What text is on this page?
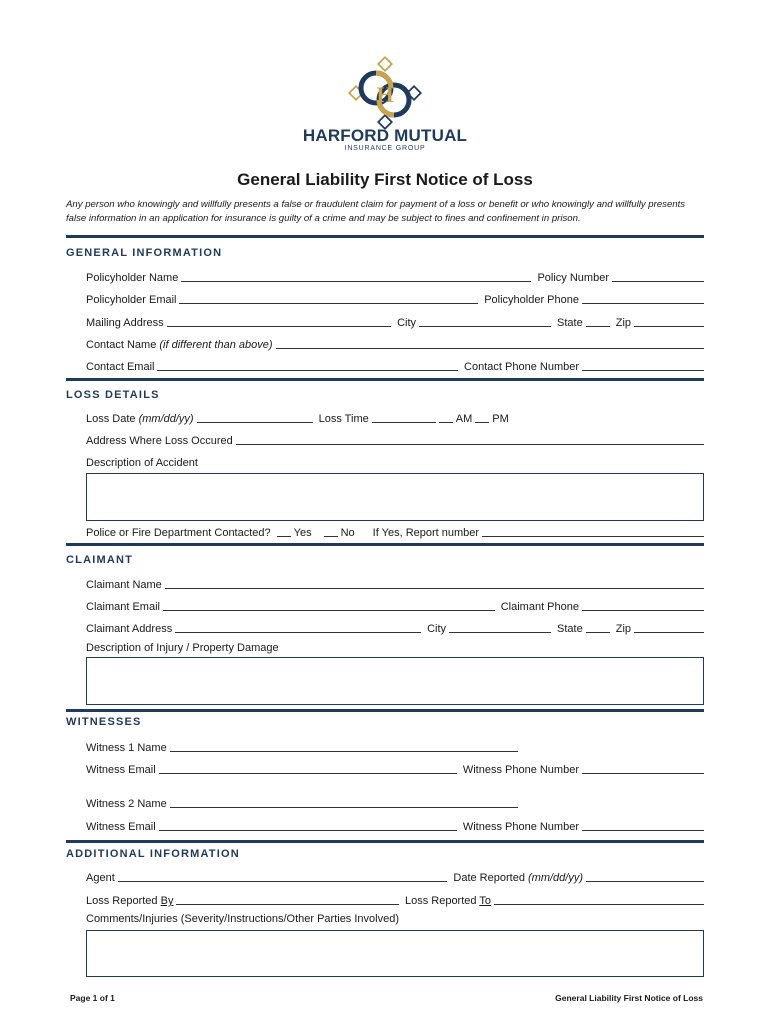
H
HARFORD MUTUAL
INSURANCE GROUP
General Liability First Notice of Loss
Any person who knowingly and willfully presents a false or fraudulent claim for payment of a loss or benefit or who knowingly and willfully presents false information in an application for insurance is guilty of a crime and may be subject to fines and confinement in prison.
GENERAL INFORMATION
Policyholder Name	Policy Number
Policyholder Email	Policyholder Phone
Mailing Address	City	State	Zip
Contact Name (if different than above)
Contact Email	Contact Phone Number
LOSS DETAILS
Loss Date (mm/dd/yy)	Loss Time	AM PM
Address Where Loss Occured
Description of Accident
Police or Fire Department Contacted? Yes	No	If Yes, Report number
CLAIMANT
Claimant Name
Claimant Email	Claimant Phone
Claimant Address	City	State	Zip
Description of Injury / Property Damage
WITNESSES
Witness 1 Name
Witness Email	Witness Phone Number
Witness 2 Name
Witness Email	Witness Phone Number
ADDITIONAL INFORMATION
Agent	Date Reported (mm/dd/yy)
Loss Reported By	Loss Reported To
Comments/Injuries (Severity/Instructions/Other Parties Involved)
Page 1 of 1	General Liability First Notice of Loss
